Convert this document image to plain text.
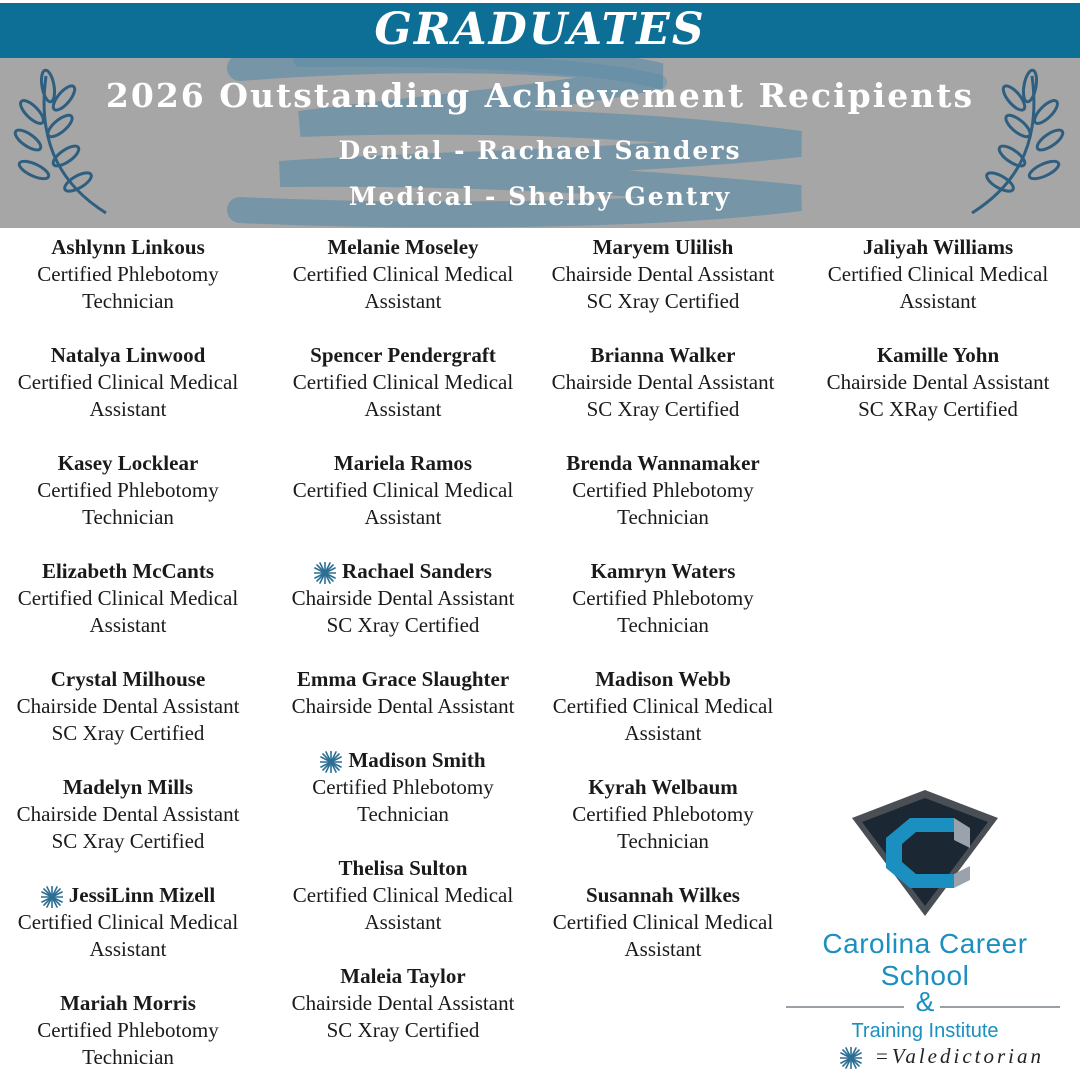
GRADUATES
2026 Outstanding Achievement Recipients
Dental - Rachael Sanders
Medical - Shelby Gentry
Ashlynn Linkous
Certified Phlebotomy
Technician
Natalya Linwood
Certified Clinical Medical
Assistant
Kasey Locklear
Certified Phlebotomy
Technician
Elizabeth McCants
Certified Clinical Medical
Assistant
Crystal Milhouse
Chairside Dental Assistant
SC Xray Certified
Madelyn Mills
Chairside Dental Assistant
SC Xray Certified
JessiLinn Mizell
Certified Clinical Medical
Assistant
Mariah Morris
Certified Phlebotomy
Technician
Melanie Moseley
Certified Clinical Medical
Assistant
Spencer Pendergraft
Certified Clinical Medical
Assistant
Mariela Ramos
Certified Clinical Medical
Assistant
Rachael Sanders
Chairside Dental Assistant
SC Xray Certified
Emma Grace Slaughter
Chairside Dental Assistant
Madison Smith
Certified Phlebotomy
Technician
Thelisa Sulton
Certified Clinical Medical
Assistant
Maleia Taylor
Chairside Dental Assistant
SC Xray Certified
Maryem Ulilish
Chairside Dental Assistant
SC Xray Certified
Brianna Walker
Chairside Dental Assistant
SC Xray Certified
Brenda Wannamaker
Certified Phlebotomy
Technician
Kamryn Waters
Certified Phlebotomy
Technician
Madison Webb
Certified Clinical Medical
Assistant
Kyrah Welbaum
Certified Phlebotomy
Technician
Susannah Wilkes
Certified Clinical Medical
Assistant
Jaliyah Williams
Certified Clinical Medical
Assistant
Kamille Yohn
Chairside Dental Assistant
SC XRay Certified
Carolina Career School
&
Training Institute
= Valedictorian
